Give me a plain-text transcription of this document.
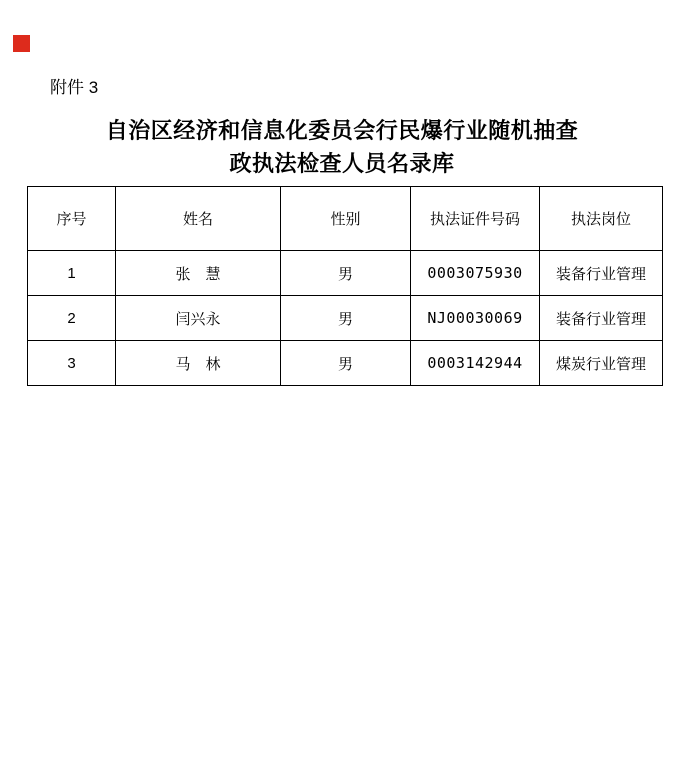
附件 3
自治区经济和信息化委员会行民爆行业随机抽查
政执法检查人员名录库
序号	姓名	性别	执法证件号码	执法岗位
1	张　慧	男	0003075930	装备行业管理
2	闫兴永	男	NJ00030069	装备行业管理
3	马　林	男	0003142944	煤炭行业管理
